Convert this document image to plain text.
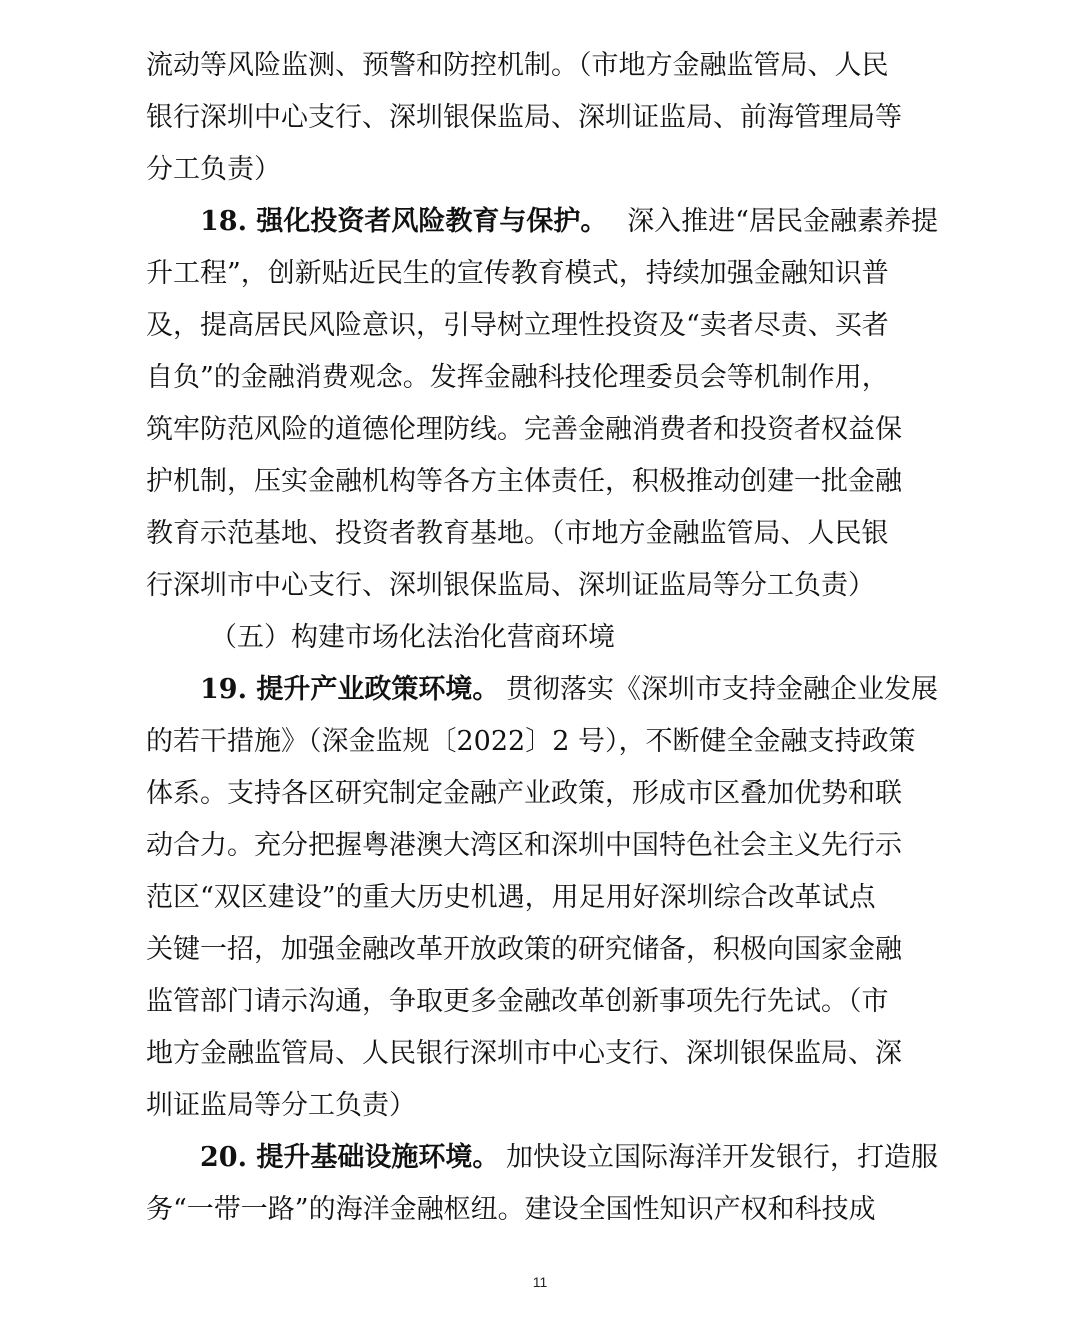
流动等风险监测、预警和防控机制。（市地方金融监管局、人民
银行深圳中心支行、深圳银保监局、深圳证监局、前海管理局等
分工负责）
18. 强化投资者风险教育与保护。 深入推进“居民金融素养提
升工程”，创新贴近民生的宣传教育模式，持续加强金融知识普
及，提高居民风险意识，引导树立理性投资及“卖者尽责、买者
自负”的金融消费观念。发挥金融科技伦理委员会等机制作用，
筑牢防范风险的道德伦理防线。完善金融消费者和投资者权益保
护机制，压实金融机构等各方主体责任，积极推动创建一批金融
教育示范基地、投资者教育基地。（市地方金融监管局、人民银
行深圳市中心支行、深圳银保监局、深圳证监局等分工负责）
（五）构建市场化法治化营商环境
19. 提升产业政策环境。 贯彻落实《深圳市支持金融企业发展
的若干措施》（深金监规〔2022〕2 号），不断健全金融支持政策
体系。支持各区研究制定金融产业政策，形成市区叠加优势和联
动合力。充分把握粤港澳大湾区和深圳中国特色社会主义先行示
范区“双区建设”的重大历史机遇，用足用好深圳综合改革试点
关键一招，加强金融改革开放政策的研究储备，积极向国家金融
监管部门请示沟通，争取更多金融改革创新事项先行先试。（市
地方金融监管局、人民银行深圳市中心支行、深圳银保监局、深
圳证监局等分工负责）
20. 提升基础设施环境。 加快设立国际海洋开发银行，打造服
务“一带一路”的海洋金融枢纽。建设全国性知识产权和科技成
11
